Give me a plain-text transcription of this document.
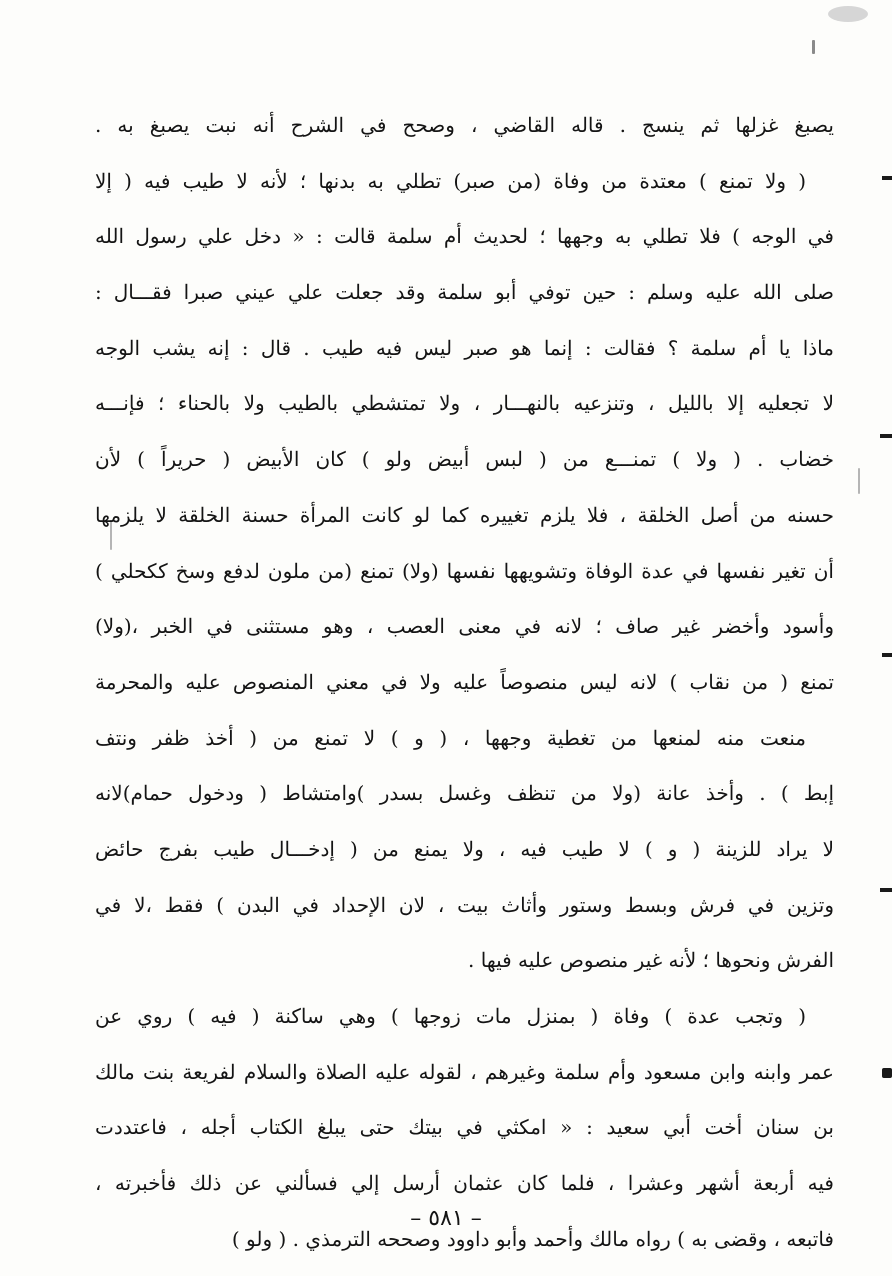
يصبغ غزلها ثم ينسج . قاله القاضي ، وصحح في الشرح أنه نبت يصبغ به .
( ولا تمنع ) معتدة من وفاة (من صبر) تطلي به بدنها ؛ لأنه لا طيب فيه ( إلا
في الوجه ) فلا تطلي به وجهها ؛ لحديث أم سلمة قالت : « دخل علي رسول الله
صلى الله عليه وسلم : حين توفي أبو سلمة وقد جعلت علي عيني صبرا فقـــال :
ماذا يا أم سلمة ؟ فقالت : إنما هو صبر ليس فيه طيب . قال : إنه يشب الوجه
لا تجعليه إلا بالليل ، وتنزعيه بالنهـــار ، ولا تمتشطي بالطيب ولا بالحناء ؛ فإنـــه
خضاب . ( ولا ) تمنـــع من ( لبس أبيض ولو ) كان الأبيض ( حريراً ) لأن
حسنه من أصل الخلقة ، فلا يلزم تغييره كما لو كانت المرأة حسنة الخلقة لا يلزمها
أن تغير نفسها في عدة الوفاة وتشويهها نفسها (ولا) تمنع (من ملون لدفع وسخ ككحلي )
وأسود وأخضر غير صاف ؛ لانه في معنى العصب ، وهو مستثنى في الخبر ،(ولا)
تمنع ( من نقاب ) لانه ليس منصوصاً عليه ولا في معني المنصوص عليه والمحرمة
منعت منه لمنعها من تغطية وجهها ، ( و ) لا تمنع من ( أخذ ظفر ونتف
إبط ) . وأخذ عانة (ولا من تنظف وغسل بسدر )وامتشاط ( ودخول حمام)لانه
لا يراد للزينة ( و ) لا طيب فيه ، ولا يمنع من ( إدخـــال طيب بفرج حائض
وتزين في فرش وبسط وستور وأثاث بيت ، لان الإحداد في البدن ) فقط ،لا في
الفرش ونحوها ؛ لأنه غير منصوص عليه فيها .
( وتجب عدة ) وفاة ( بمنزل مات زوجها ) وهي ساكنة ( فيه ) روي عن
عمر وابنه وابن مسعود وأم سلمة وغيرهم ، لقوله عليه الصلاة والسلام لفريعة بنت مالك
بن سنان أخت أبي سعيد : « امكثي في بيتك حتى يبلغ الكتاب أجله ، فاعتددت
فيه أربعة أشهر وعشرا ، فلما كان عثمان أرسل إلي فسألني عن ذلك فأخبرته ،
فاتبعه ، وقضى به ) رواه مالك وأحمد وأبو داوود وصححه الترمذي . ( ولو )
– ٥٨١ –
